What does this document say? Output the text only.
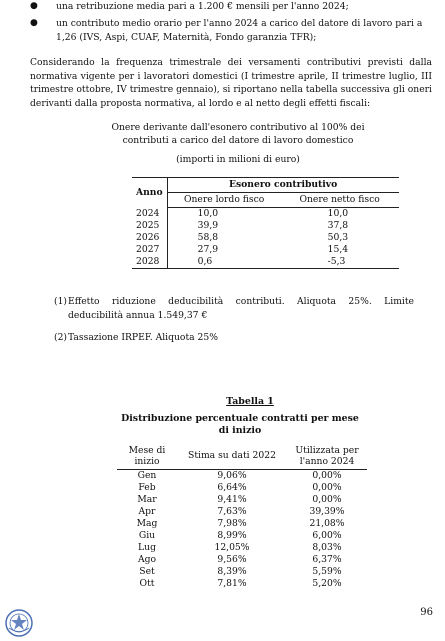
● una retribuzione media pari a 1.200 € mensili per l'anno 2024;
● un contributo medio orario per l'anno 2024 a carico del datore di lavoro pari a 1,26 (IVS, Aspi, CUAF, Maternità, Fondo garanzia TFR);
Considerando la frequenza trimestrale dei versamenti contributivi previsti dalla normativa vigente per i lavoratori domestici (I trimestre aprile, II trimestre luglio, III trimestre ottobre, IV trimestre gennaio), si riportano nella tabella successiva gli oneri derivanti dalla proposta normativa, al lordo e al netto degli effetti fiscali:
Onere derivante dall'esonero contributivo al 100% dei
contributi a carico del datore di lavoro domestico
(importi in milioni di euro)
Anno	Esonero contributivo	
	Onere lordo fisco	Onere netto fisco
2024	10,0	10,0
2025	39,9	37,8
2026	58,8	50,3
2027	27,9	15,4
2028	0,6	-5,3
(1) Effetto riduzione deducibilità contributi. Aliquota 25%. Limite deducibilità annua 1.549,37 €
(2) Tassazione IRPEF. Aliquota 25%
Tabella 1
Distribuzione percentuale contratti per mese di inizio
Mese di inizio	Stima su dati 2022	Utilizzata per l'anno 2024
Gen	9,06%	0,00%
Feb	6,64%	0,00%
Mar	9,41%	0,00%
Apr	7,63%	39,39%
Mag	7,98%	21,08%
Giu	8,99%	6,00%
Lug	12,05%	8,03%
Ago	9,56%	6,37%
Set	8,39%	5,59%
Ott	7,81%	5,20%
96
